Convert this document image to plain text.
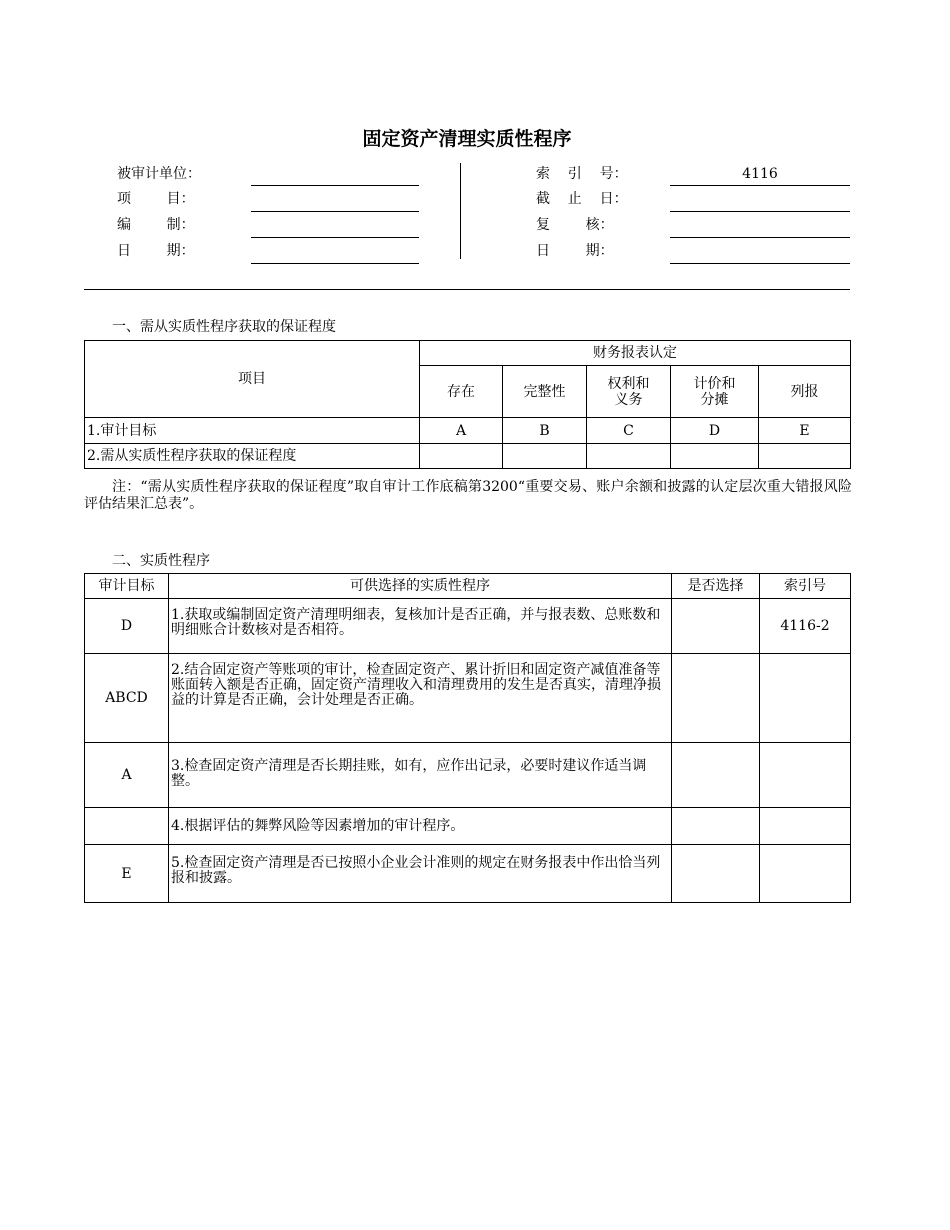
固定资产清理实质性程序
被审计单位：
项        目：
编        制：
日        期：
索    引    号：	4116
截    止    日：
复        核：
日        期：
一、需从实质性程序获取的保证程度
项目	财务报表认定				
	存在	完整性	权利和义务	计价和分摊	列报
1.审计目标	A	B	C	D	E
2.需从实质性程序获取的保证程度					
注：“需从实质性程序获取的保证程度”取自审计工作底稿第3200“重要交易、账户余额和披露的认定层次重大错报风险评估结果汇总表”。
二、实质性程序
审计目标	可供选择的实质性程序	是否选择	索引号
D	1.获取或编制固定资产清理明细表，复核加计是否正确，并与报表数、总账数和明细账合计数核对是否相符。		4116-2
ABCD	2.结合固定资产等账项的审计，检查固定资产、累计折旧和固定资产减值准备等账面转入额是否正确，固定资产清理收入和清理费用的发生是否真实，清理净损益的计算是否正确，会计处理是否正确。		
A	3.检查固定资产清理是否长期挂账，如有，应作出记录，必要时建议作适当调整。		
	4.根据评估的舞弊风险等因素增加的审计程序。		
E	5.检查固定资产清理是否已按照小企业会计准则的规定在财务报表中作出恰当列报和披露。		
